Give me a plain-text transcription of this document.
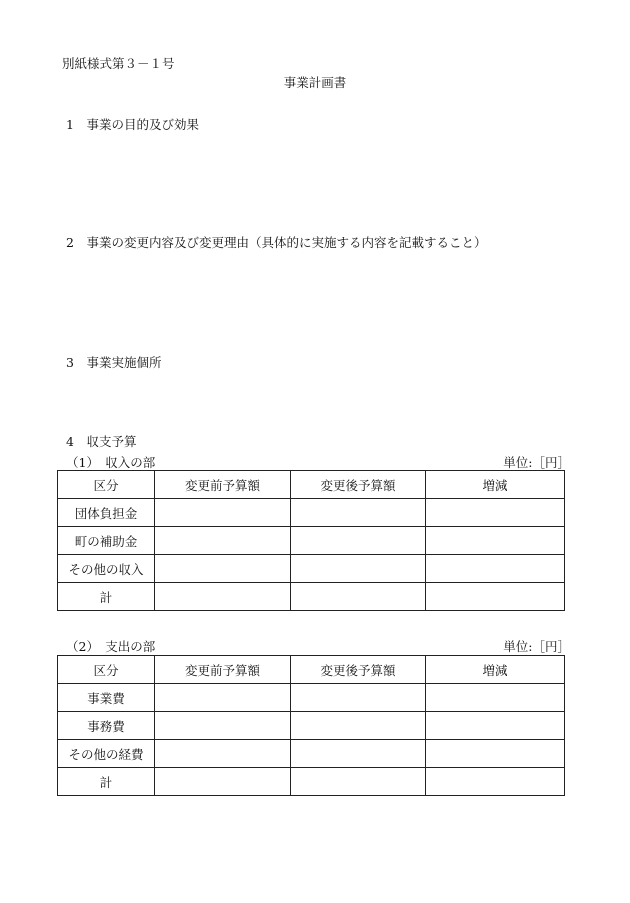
別紙様式第３－１号
事業計画書
1　事業の目的及び効果
2　事業の変更内容及び変更理由（具体的に実施する内容を記載すること）
3　事業実施個所
4　収支予算
（1）　収入の部	単位:［円］
区分	変更前予算額	変更後予算額	増減
団体負担金			
町の補助金			
その他の収入			
計			
（2）　支出の部	単位:［円］
区分	変更前予算額	変更後予算額	増減
事業費			
事務費			
その他の経費			
計			
